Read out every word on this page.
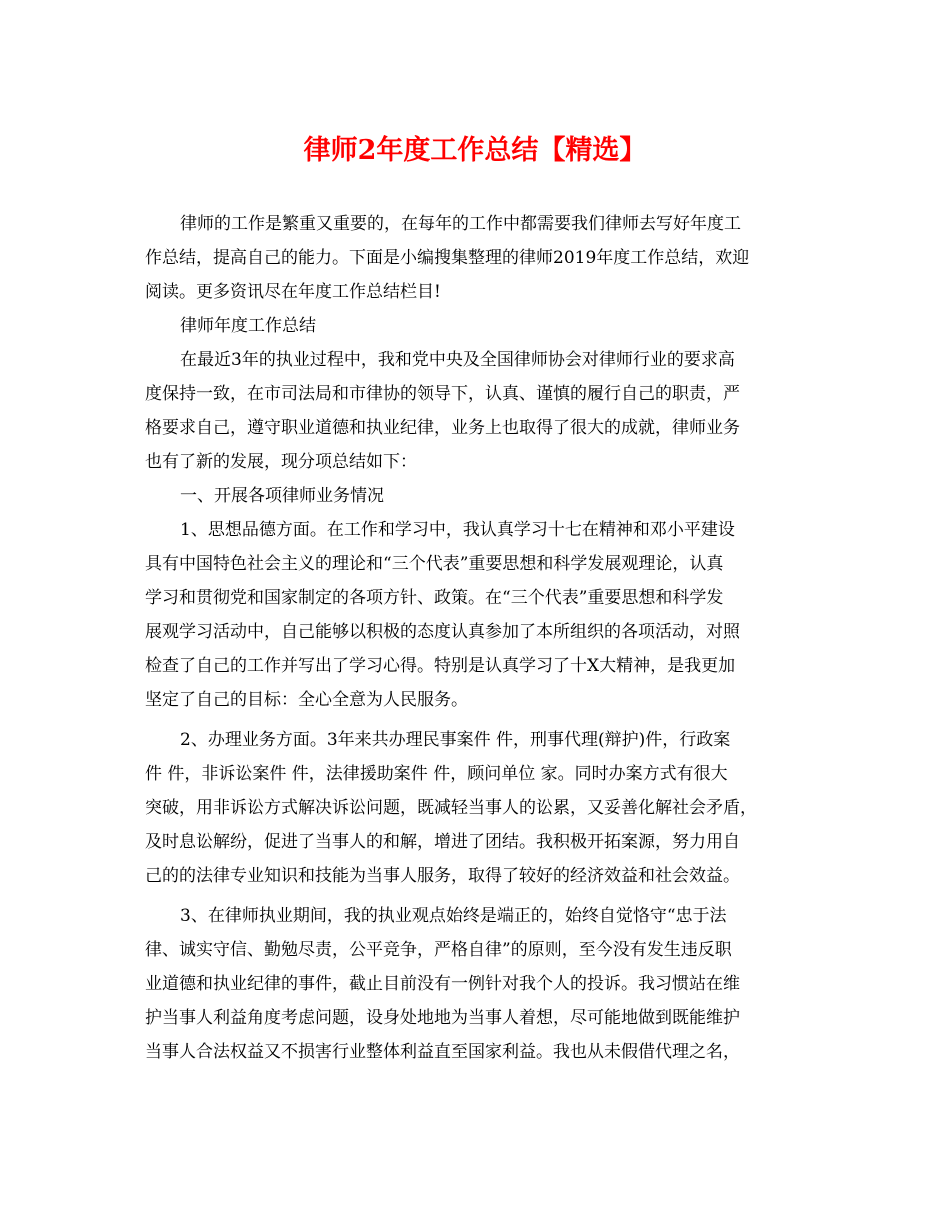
律师2年度工作总结【精选】
律师的工作是繁重又重要的，在每年的工作中都需要我们律师去写好年度工
作总结，提高自己的能力。下面是小编搜集整理的律师2019年度工作总结，欢迎
阅读。更多资讯尽在年度工作总结栏目!
律师年度工作总结
在最近3年的执业过程中，我和党中央及全国律师协会对律师行业的要求高
度保持一致，在市司法局和市律协的领导下，认真、谨慎的履行自己的职责，严
格要求自己，遵守职业道德和执业纪律，业务上也取得了很大的成就，律师业务
也有了新的发展，现分项总结如下：
一、开展各项律师业务情况
1、思想品德方面。在工作和学习中，我认真学习十七在精神和邓小平建设
具有中国特色社会主义的理论和“三个代表”重要思想和科学发展观理论，认真
学习和贯彻党和国家制定的各项方针、政策。在“三个代表”重要思想和科学发
展观学习活动中，自己能够以积极的态度认真参加了本所组织的各项活动，对照
检查了自己的工作并写出了学习心得。特别是认真学习了十X大精神，是我更加
坚定了自己的目标：全心全意为人民服务。
2、办理业务方面。3年来共办理民事案件 件，刑事代理(辩护)件，行政案
件 件，非诉讼案件 件，法律援助案件 件，顾问单位 家。同时办案方式有很大
突破，用非诉讼方式解决诉讼问题，既减轻当事人的讼累，又妥善化解社会矛盾，
及时息讼解纷，促进了当事人的和解，增进了团结。我积极开拓案源，努力用自
己的的法律专业知识和技能为当事人服务，取得了较好的经济效益和社会效益。
3、在律师执业期间，我的执业观点始终是端正的，始终自觉恪守“忠于法
律、诚实守信、勤勉尽责，公平竞争，严格自律”的原则，至今没有发生违反职
业道德和执业纪律的事件，截止目前没有一例针对我个人的投诉。我习惯站在维
护当事人利益角度考虑问题，设身处地地为当事人着想，尽可能地做到既能维护
当事人合法权益又不损害行业整体利益直至国家利益。我也从未假借代理之名，
